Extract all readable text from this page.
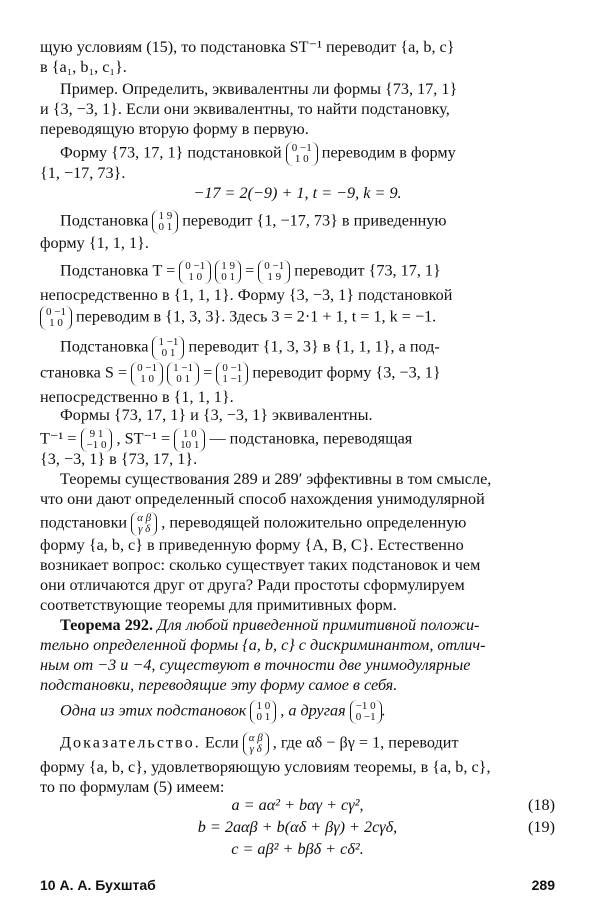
щую условиям (15), то подстановка ST⁻¹ переводит {a, b, c}
в {a₁, b₁, c₁}.
Пример. Определить, эквивалентны ли формы {73, 17, 1}
и {3, −3, 1}. Если они эквивалентны, то найти подстановку,
переводящую вторую форму в первую.
Форму {73, 17, 1} подстановкой 0 −1
1 0 переводим в форму
{1, −17, 73}.
−17 = 2(−9) + 1, t = −9, k = 9.
Подстановка 1 9
0 1 переводит {1, −17, 73} в приведенную
форму {1, 1, 1}.
Подстановка T = 0 −1
1 0

1 9
0 1 = 0 −1
1 9 переводит {73, 17, 1}
непосредственно в {1, 1, 1}. Форму {3, −3, 1} подстановкой
0 −1
1 0 переводим в {1, 3, 3}. Здесь 3 = 2·1 + 1, t = 1, k = −1.
Подстановка 1 −1
0 1 переводит {1, 3, 3} в {1, 1, 1}, а под-
становка S = 0 −1
1 0

1 −1
0 1 = 0 −1
1 −1 переводит форму {3, −3, 1}
непосредственно в {1, 1, 1}.
Формы {73, 17, 1} и {3, −3, 1} эквивалентны.
T⁻¹ = 9 1
−1 0 , ST⁻¹ = 1 0
10 1 — подстановка, переводящая
{3, −3, 1} в {73, 17, 1}.
Теоремы существования 289 и 289′ эффективны в том смысле,
что они дают определенный способ нахождения унимодулярной
подстановки α β
γ δ , переводящей положительно определенную
форму {a, b, c} в приведенную форму {A, B, C}. Естественно
возникает вопрос: сколько существует таких подстановок и чем
они отличаются друг от друга? Ради простоты сформулируем
соответствующие теоремы для примитивных форм.
Теорема 292. Для любой приведенной примитивной положи-
тельно определенной формы {a, b, c} с дискриминантом, отлич-
ным от −3 и −4, существуют в точности две унимодулярные
подстановки, переводящие эту форму самое в себя.
Одна из этих подстановок 1 0
0 1 , а другая −1 0
0 −1 .
Доказательство. Если α β
γ δ , где αδ − βγ = 1, переводит
форму {a, b, c}, удовлетворяющую условиям теоремы, в {a, b, c},
то по формулам (5) имеем:
a = aα² + bαγ + cγ²,	(18)
b = 2aαβ + b(αδ + βγ) + 2cγδ,	(19)
c = aβ² + bβδ + cδ².
10 А. А. Бухштаб	289
